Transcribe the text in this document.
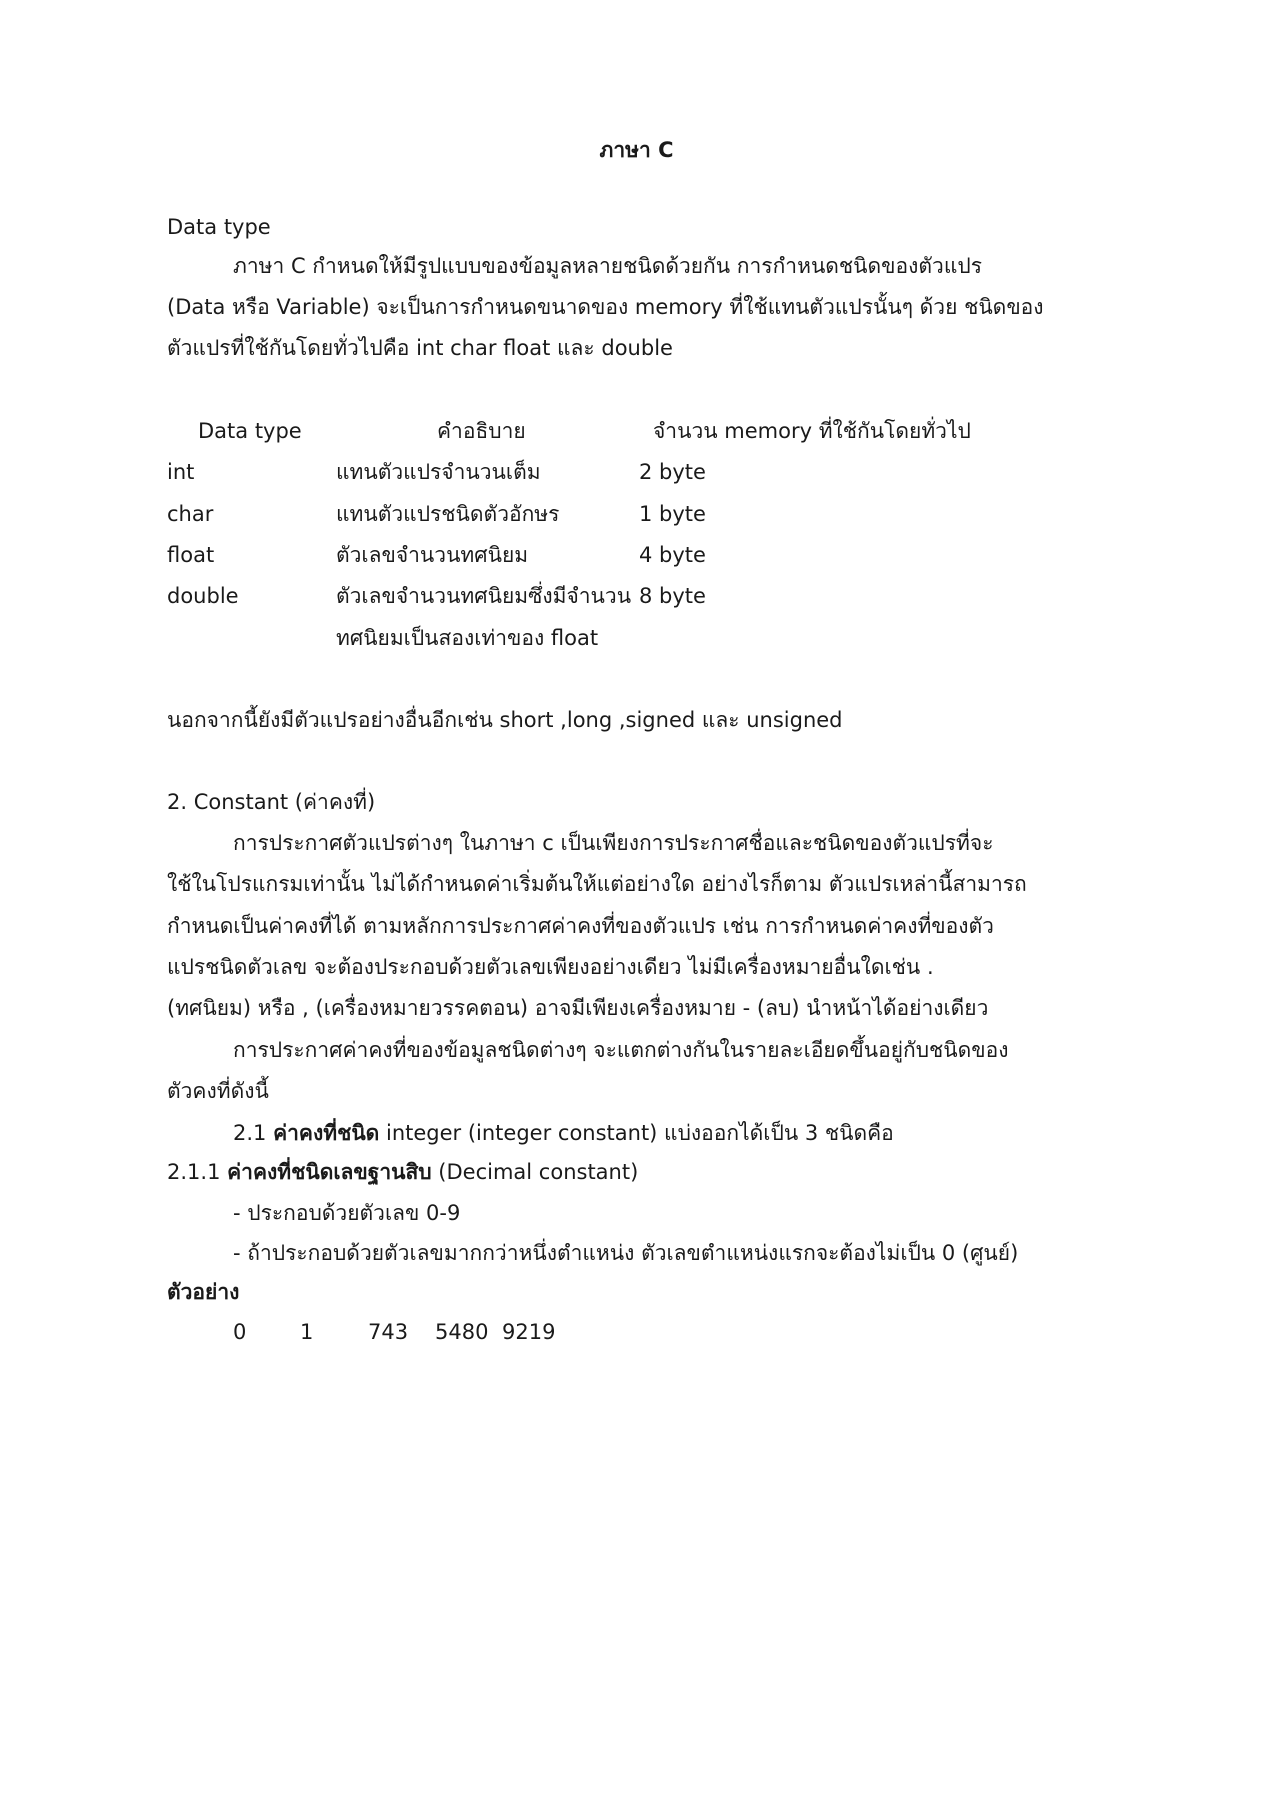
ภาษา C
Data type
ภาษา C กำหนดให้มีรูปแบบของข้อมูลหลายชนิดด้วยกัน การกำหนดชนิดของตัวแปร
(Data หรือ Variable) จะเป็นการกำหนดขนาดของ memory ที่ใช้แทนตัวแปรนั้นๆ ด้วย ชนิดของ
ตัวแปรที่ใช้กันโดยทั่วไปคือ int char float และ double
Data type	คำอธิบาย	จำนวน memory ที่ใช้กันโดยทั่วไป
int	แทนตัวแปรจำนวนเต็ม	2 byte
char	แทนตัวแปรชนิดตัวอักษร	1 byte
float	ตัวเลขจำนวนทศนิยม	4 byte
double	ตัวเลขจำนวนทศนิยมซึ่งมีจำนวน 8 byte
ทศนิยมเป็นสองเท่าของ float
นอกจากนี้ยังมีตัวแปรอย่างอื่นอีกเช่น short ,long ,signed และ unsigned
2. Constant (ค่าคงที่)
การประกาศตัวแปรต่างๆ ในภาษา c เป็นเพียงการประกาศชื่อและชนิดของตัวแปรที่จะ
ใช้ในโปรแกรมเท่านั้น ไม่ได้กำหนดค่าเริ่มต้นให้แต่อย่างใด อย่างไรก็ตาม ตัวแปรเหล่านี้สามารถ
กำหนดเป็นค่าคงที่ได้ ตามหลักการประกาศค่าคงที่ของตัวแปร เช่น การกำหนดค่าคงที่ของตัว
แปรชนิดตัวเลข จะต้องประกอบด้วยตัวเลขเพียงอย่างเดียว ไม่มีเครื่องหมายอื่นใดเช่น .
(ทศนิยม) หรือ , (เครื่องหมายวรรคตอน) อาจมีเพียงเครื่องหมาย - (ลบ) นำหน้าได้อย่างเดียว
การประกาศค่าคงที่ของข้อมูลชนิดต่างๆ จะแตกต่างกันในรายละเอียดขึ้นอยู่กับชนิดของ
ตัวคงที่ดังนี้
2.1 ค่าคงที่ชนิด integer (integer constant) แบ่งออกได้เป็น 3 ชนิดคือ
2.1.1 ค่าคงที่ชนิดเลขฐานสิบ (Decimal constant)
- ประกอบด้วยตัวเลข 0-9
- ถ้าประกอบด้วยตัวเลขมากกว่าหนึ่งตำแหน่ง ตัวเลขตำแหน่งแรกจะต้องไม่เป็น 0 (ศูนย์)
ตัวอย่าง
0	1	743 5480 9219
